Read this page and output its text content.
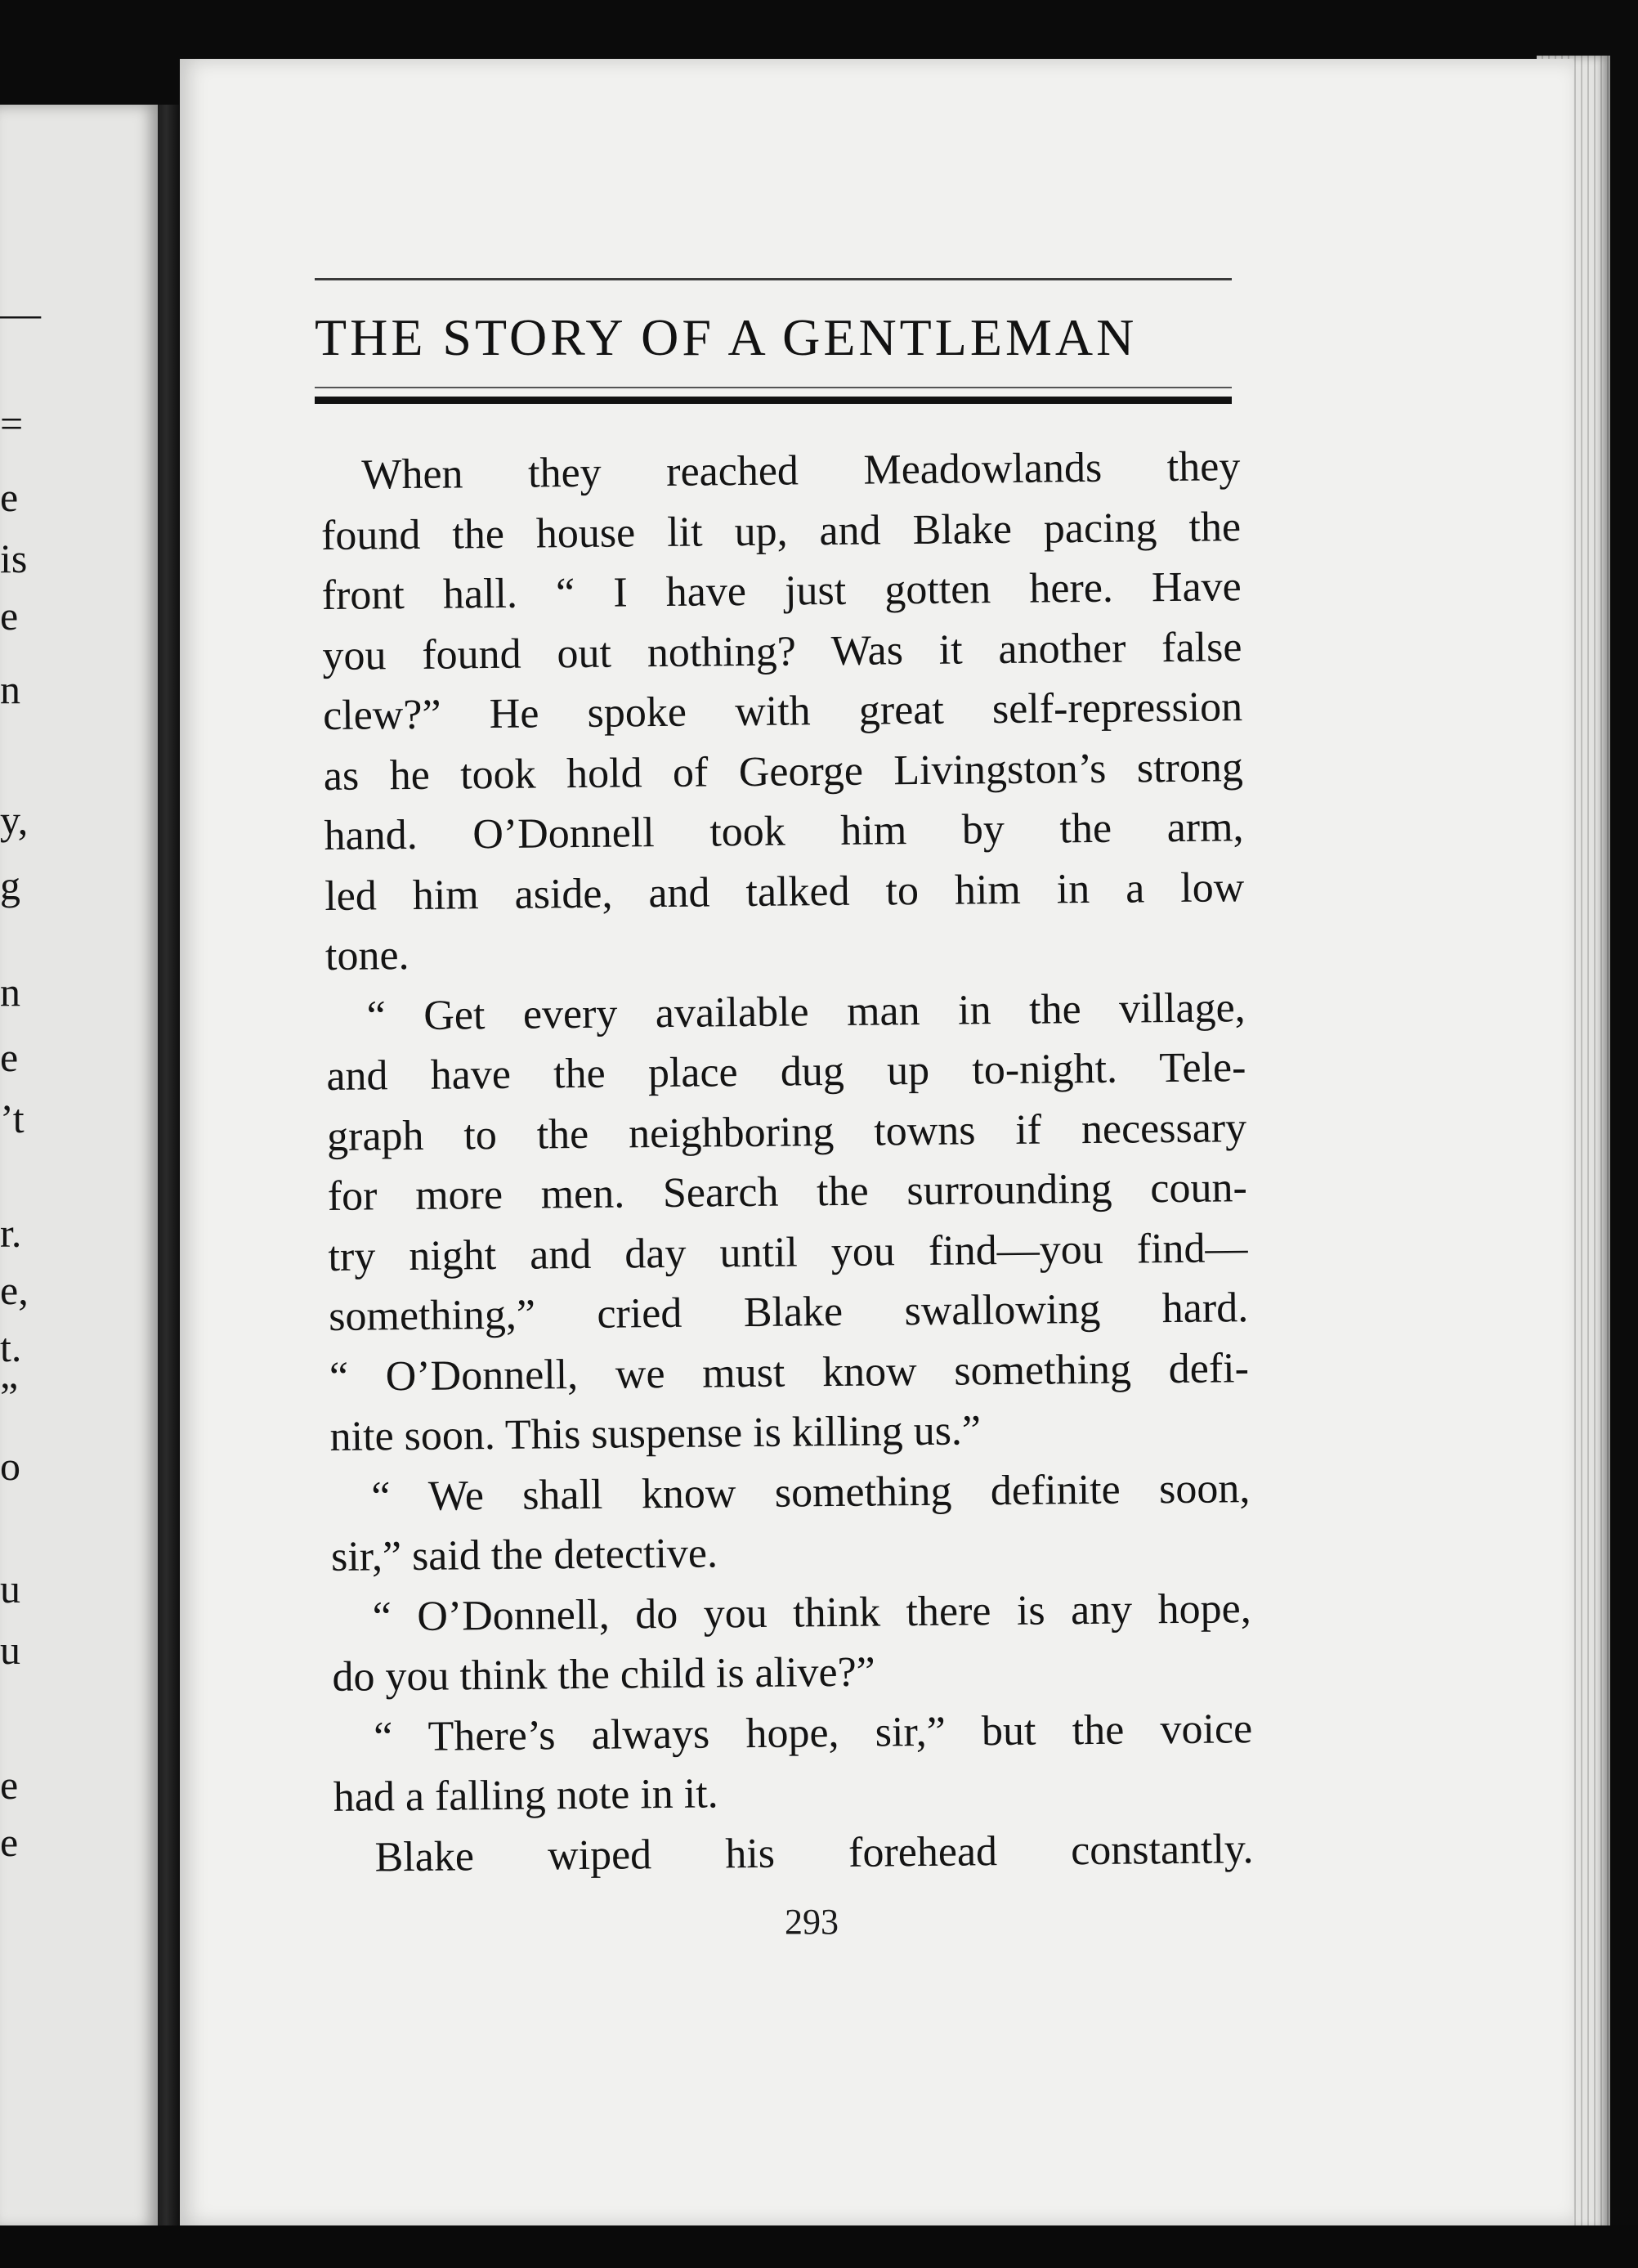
—
=
e
is
e
n
y,
g
n
e
’t
r.
e,
t.
”
o
u
u
e
e
THE STORY OF A GENTLEMAN
When they reached Meadowlands they
found the house lit up, and Blake pacing the
front hall. “ I have just gotten here. Have
you found out nothing? Was it another false
clew?” He spoke with great self-repression
as he took hold of George Livingston’s strong
hand. O’Donnell took him by the arm,
led him aside, and talked to him in a low
tone.
“ Get every available man in the village,
and have the place dug up to-night. Tele-
graph to the neighboring towns if necessary
for more men. Search the surrounding coun-
try night and day until you find—you find—
something,” cried Blake swallowing hard.
“ O’Donnell, we must know something defi-
nite soon. This suspense is killing us.”
“ We shall know something definite soon,
sir,” said the detective.
“ O’Donnell, do you think there is any hope,
do you think the child is alive?”
“ There’s always hope, sir,” but the voice
had a falling note in it.
Blake wiped his forehead constantly.
293
